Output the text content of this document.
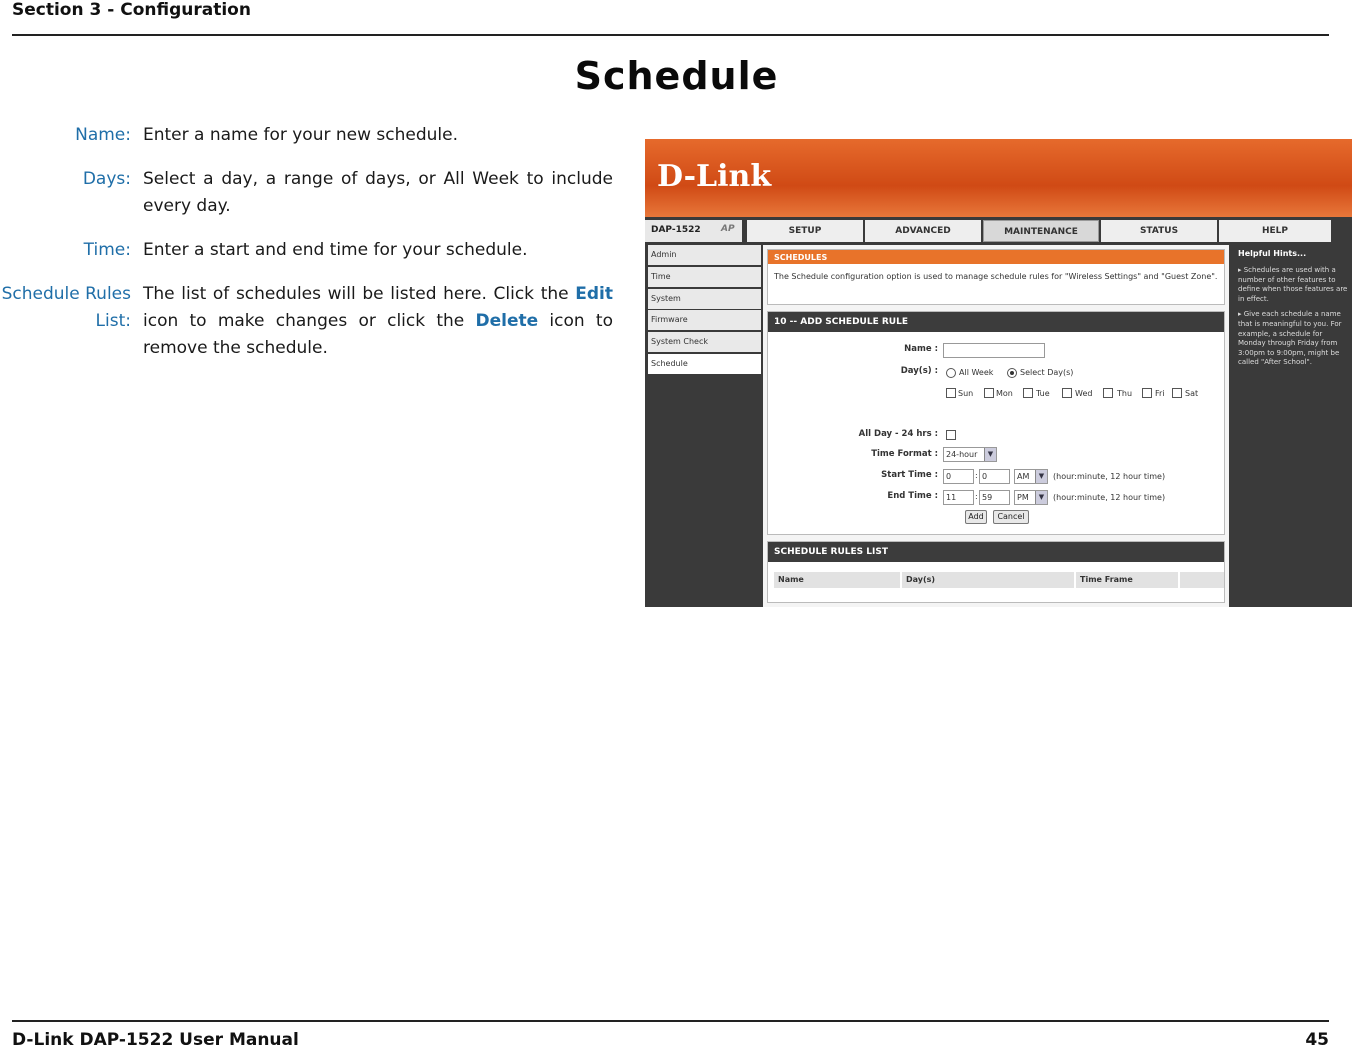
Section 3 - Configuration
Schedule
Name: Enter a name for your new schedule.
Days: Select a day, a range of days, or All Week to include every day.
Time: Enter a start and end time for your schedule.
Schedule Rules List:
The list of schedules will be listed here. Click the Edit icon to make changes or click the Delete icon to remove the schedule.
D-Link
DAP-1522 AP	SETUP	ADVANCED	MAINTENANCE	STATUS	HELP
Admin
Time
System
Firmware
System Check
Schedule
SCHEDULES
The Schedule configuration option is used to manage schedule rules for "Wireless Settings" and "Guest Zone".
10 -- ADD SCHEDULE RULE
Name :
Day(s) :	All Week	Select Day(s)
Sun	Mon	Tue	Wed	Thu	Fri	Sat
All Day - 24 hrs :
Time Format :	24-hour	▼
Start Time :	0	: 0	AM	▼	(hour:minute, 12 hour time)
End Time :	11	: 59	PM	▼	(hour:minute, 12 hour time)
Add	Cancel
SCHEDULE RULES LIST
Name	Day(s)	Time Frame
Helpful Hints...
▸ Schedules are used with a number of other features to define when those features are in effect.
▸ Give each schedule a name that is meaningful to you. For example, a schedule for Monday through Friday from 3:00pm to 9:00pm, might be called "After School".
D-Link DAP-1522 User Manual	45
